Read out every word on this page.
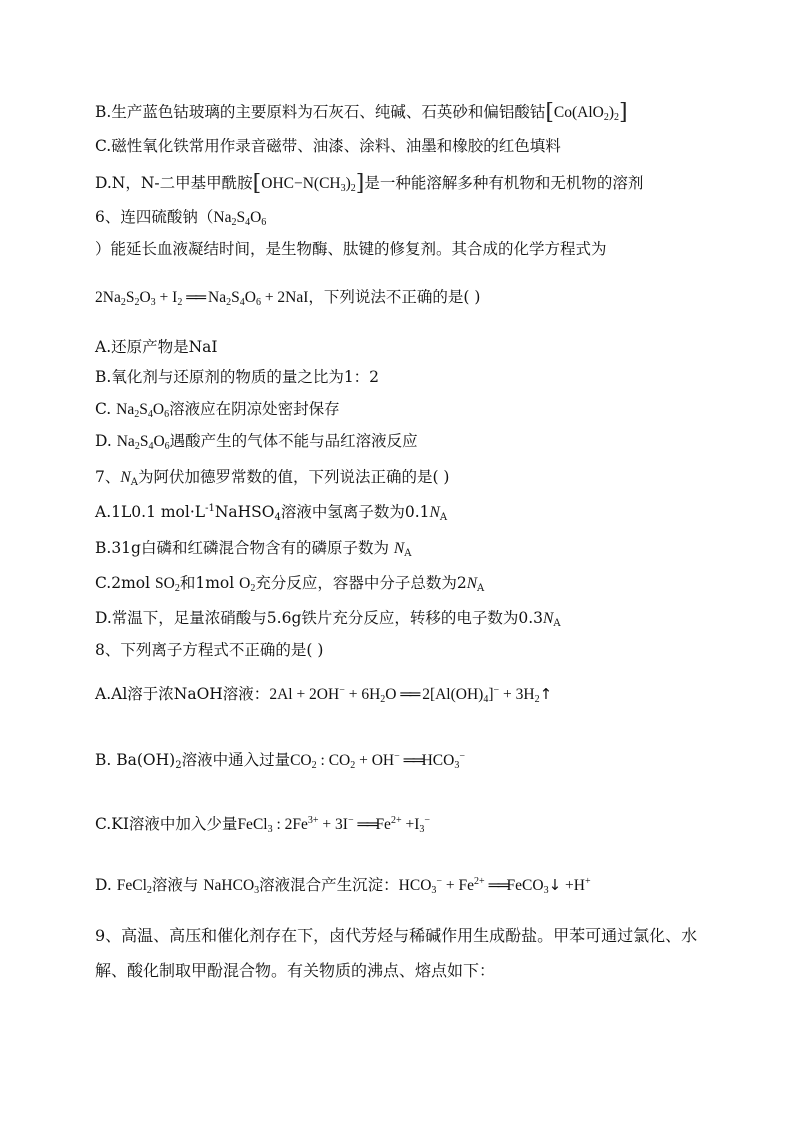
B.生产蓝色钴玻璃的主要原料为石灰石、纯碱、石英砂和偏铝酸钴$[Co(AlO_2)_2]$
C.磁性氧化铁常用作录音磁带、油漆、涂料、油墨和橡胶的红色填料
D.N，N-二甲基甲酰胺$[OHC-N(CH_3)_2]$是一种能溶解多种有机物和无机物的溶剂
6、连四硫酸钠（$Na_2S_4O_6$
）能延长血液凝结时间，是生物酶、肽键的修复剂。其合成的化学方程式为
$2Na_2S_2O_3 + I_2$ ══ $Na_2S_4O_6 + 2NaI$，下列说法不正确的是( )
A.还原产物是NaI
B.氧化剂与还原剂的物质的量之比为1：2
C. $Na_2S_4O_6$溶液应在阴凉处密封保存
D. $Na_2S_4O_6$遇酸产生的气体不能与品红溶液反应
7、$N_A$为阿伏加德罗常数的值，下列说法正确的是( )
A.1L0.1 $mol\cdot L^{-1}NaHSO_4$溶液中氢离子数为$0.1N_A$
B.31g白磷和红磷混合物含有的磷原子数为 $N_A$
C.2mol $SO_2$和1mol $O_2$充分反应，容器中分子总数为$2N_A$
D.常温下，足量浓硝酸与5.6g铁片充分反应，转移的电子数为$0.3N_A$
8、下列离子方程式不正确的是( )
A.Al溶于浓NaOH溶液：$2Al + 2OH^- + 6H_2O$ ══ $2[Al(OH)_4]^-$ + $3H_2↑$
B. $Ba(OH)_2$溶液中通入过量$CO_2$ : $CO_2 + OH^-$ $══HCO_3^-$
C.KI溶液中加入少量FeCl$_3$ : $2Fe^{3+} + 3I^-$ $══Fe^{2+} +I_3^-$
D. FeCl$_2$溶液与 NaHCO$_3$溶液混合产生沉淀：$HCO_3^- + Fe^{2+}$ ══FeCO$_3$↓ +H+
9、高温、高压和催化剂存在下，卤代芳烃与稀碱作用生成酚盐。甲苯可通过氯化、水
解、酸化制取甲酚混合物。有关物质的沸点、熔点如下：
